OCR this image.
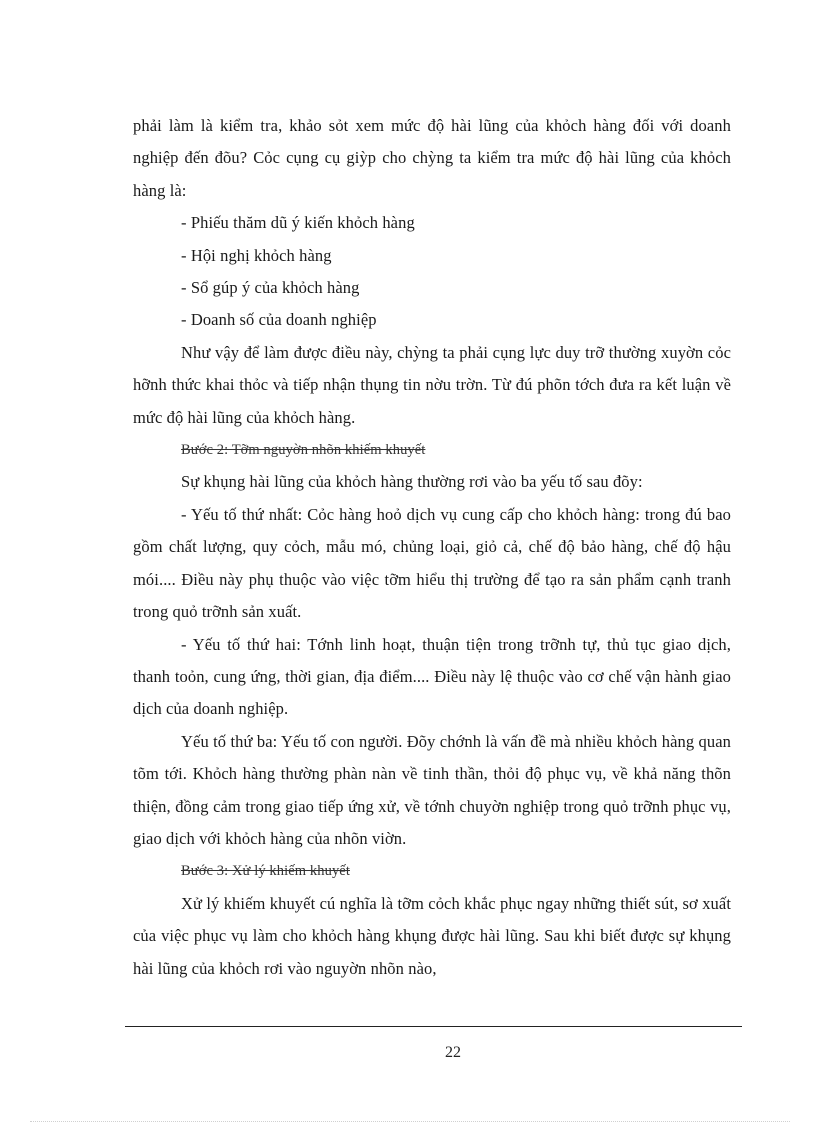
phải làm là kiểm tra, khảo sỏt xem mức độ hài lũng của khỏch hàng đối với doanh nghiệp đến đõu? Cỏc cụng cụ giỳp cho chỳng ta kiểm tra mức độ hài lũng của khỏch hàng là:

- Phiếu thăm dũ ý kiến khỏch hàng

- Hội nghị khỏch hàng

- Sổ gúp ý của khỏch hàng

- Doanh số của doanh nghiệp

Như vậy để làm được điều này, chỳng ta phải cụng lực duy trỡ thường xuyờn cỏc hỡnh thức khai thỏc và tiếp nhận thụng tin nờu trờn. Từ đú phõn tớch đưa ra kết luận về mức độ hài lũng của khỏch hàng.

Bước 2: Tỡm nguyờn nhõn khiếm khuyết

Sự khụng hài lũng của khỏch hàng thường rơi vào ba yếu tố sau đõy:

- Yếu tố thứ nhất: Cỏc hàng hoỏ dịch vụ cung cấp cho khỏch hàng: trong đú bao gồm chất lượng, quy cỏch, mẫu mó, chủng loại, giỏ cả, chế độ bảo hàng, chế độ hậu mói.... Điều này phụ thuộc vào việc tỡm hiểu thị trường để tạo ra sản phẩm cạnh tranh trong quỏ trỡnh sản xuất.

- Yếu tố thứ hai: Tớnh linh hoạt, thuận tiện trong trỡnh tự, thủ tục giao dịch, thanh toỏn, cung ứng, thời gian, địa điểm.... Điều này lệ thuộc vào cơ chế vận hành giao dịch của doanh nghiệp.

Yếu tố thứ ba: Yếu tố con người. Đõy chớnh là vấn đề mà nhiều khỏch hàng quan tõm tới. Khỏch hàng thường phàn nàn về tinh thần, thỏi độ phục vụ, về khả năng thõn thiện, đồng cảm trong giao tiếp ứng xử, về tớnh chuyờn nghiệp trong quỏ trỡnh phục vụ, giao dịch với khỏch hàng của nhõn viờn.

Bước 3: Xử lý khiếm khuyết

Xử lý khiếm khuyết cú nghĩa là tỡm cỏch khắc phục ngay những thiết sút, sơ xuất của việc phục vụ làm cho khỏch hàng khụng được hài lũng. Sau khi biết được sự khụng hài lũng của khỏch rơi vào nguyờn nhõn nào,

22
